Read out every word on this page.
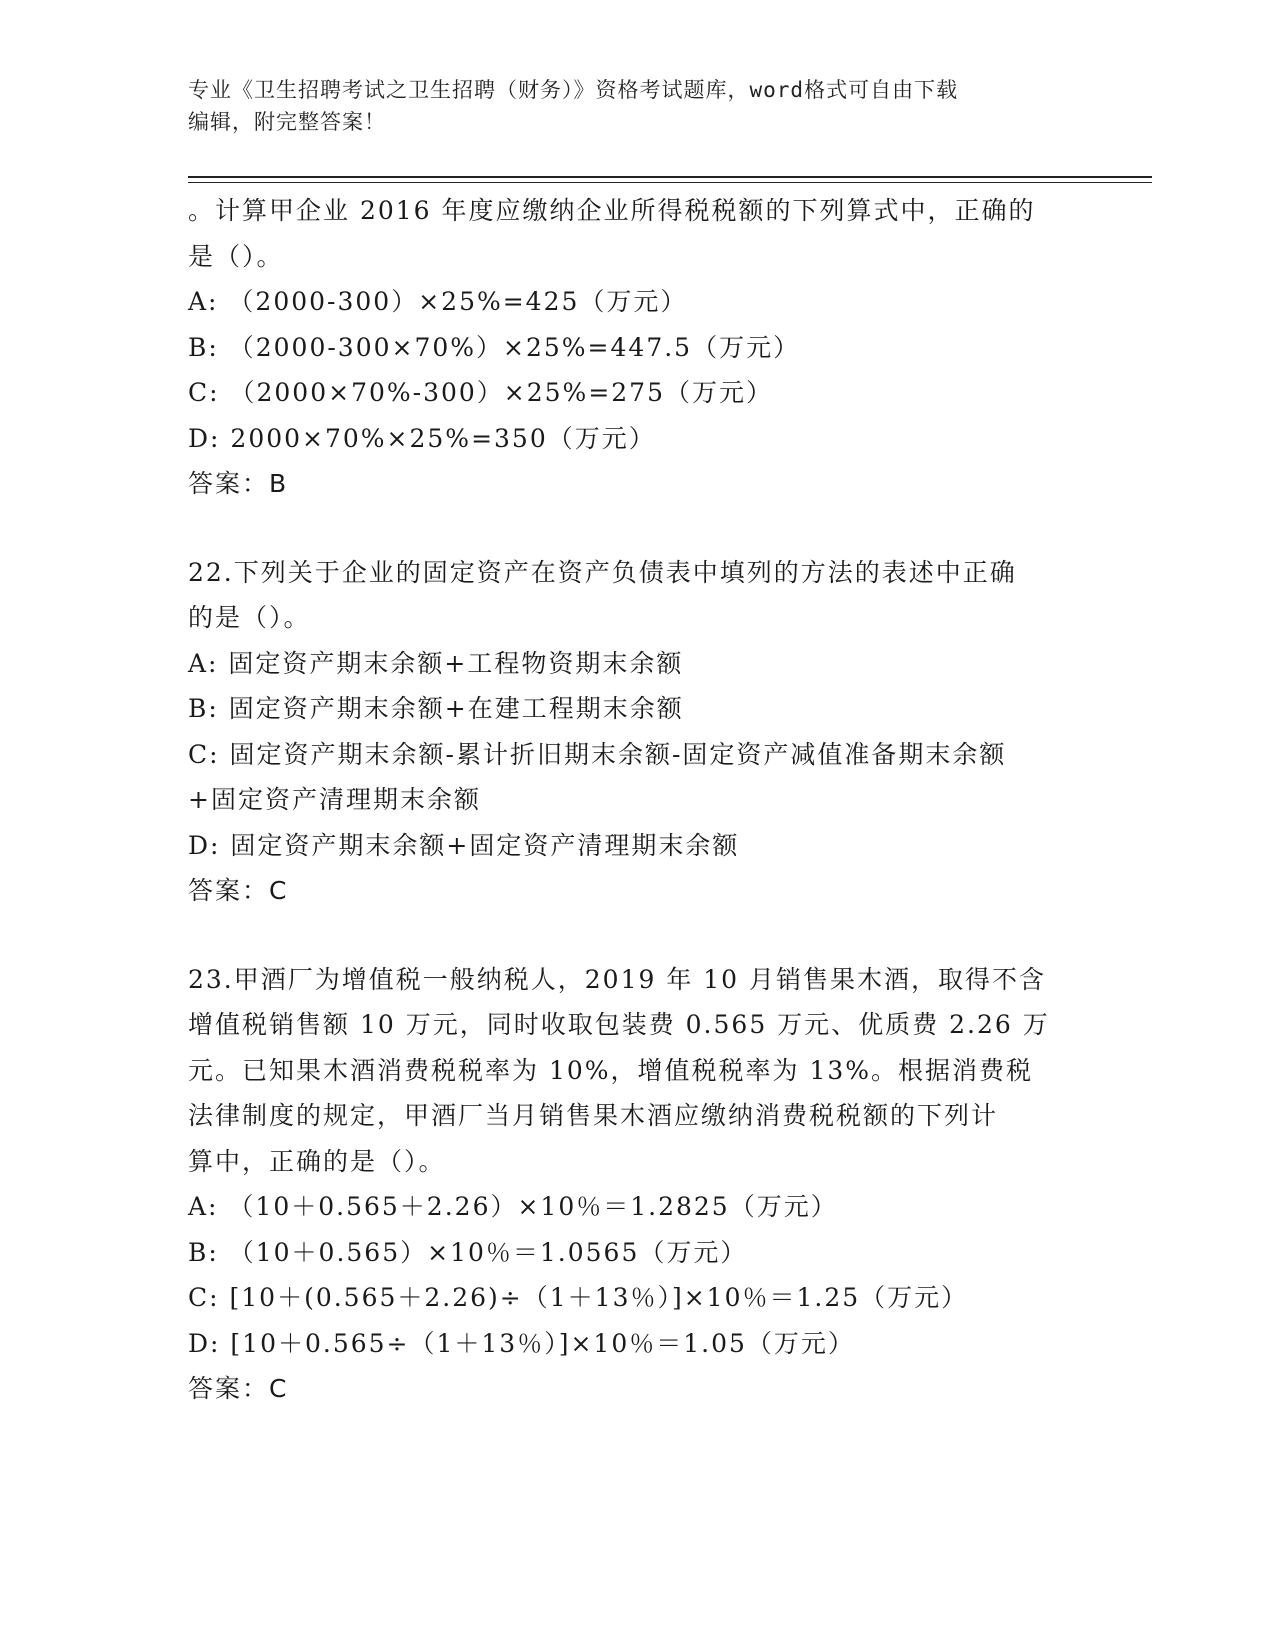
专业《卫生招聘考试之卫生招聘（财务）》资格考试题库，word格式可自由下载
编辑，附完整答案！
。计算甲企业 2016 年度应缴纳企业所得税税额的下列算式中，正确的
是（）。
A: （2000-300）×25%=425（万元）
B: （2000-300×70%）×25%=447.5（万元）
C: （2000×70%-300）×25%=275（万元）
D: 2000×70%×25%=350（万元）
答案：B
22.下列关于企业的固定资产在资产负债表中填列的方法的表述中正确
的是（）。
A: 固定资产期末余额+工程物资期末余额
B: 固定资产期末余额+在建工程期末余额
C: 固定资产期末余额-累计折旧期末余额-固定资产减值准备期末余额
+固定资产清理期末余额
D: 固定资产期末余额+固定资产清理期末余额
答案：C
23.甲酒厂为增值税一般纳税人，2019 年 10 月销售果木酒，取得不含
增值税销售额 10 万元，同时收取包装费 0.565 万元、优质费 2.26 万
元。已知果木酒消费税税率为 10%，增值税税率为 13%。根据消费税
法律制度的规定，甲酒厂当月销售果木酒应缴纳消费税税额的下列计
算中，正确的是（）。
A: （10＋0.565＋2.26）×10％＝1.2825（万元）
B: （10＋0.565）×10％＝1.0565（万元）
C: [10＋(0.565＋2.26)÷（1＋13％）]×10％＝1.25（万元）
D: [10＋0.565÷（1＋13％）]×10％＝1.05（万元）
答案：C
